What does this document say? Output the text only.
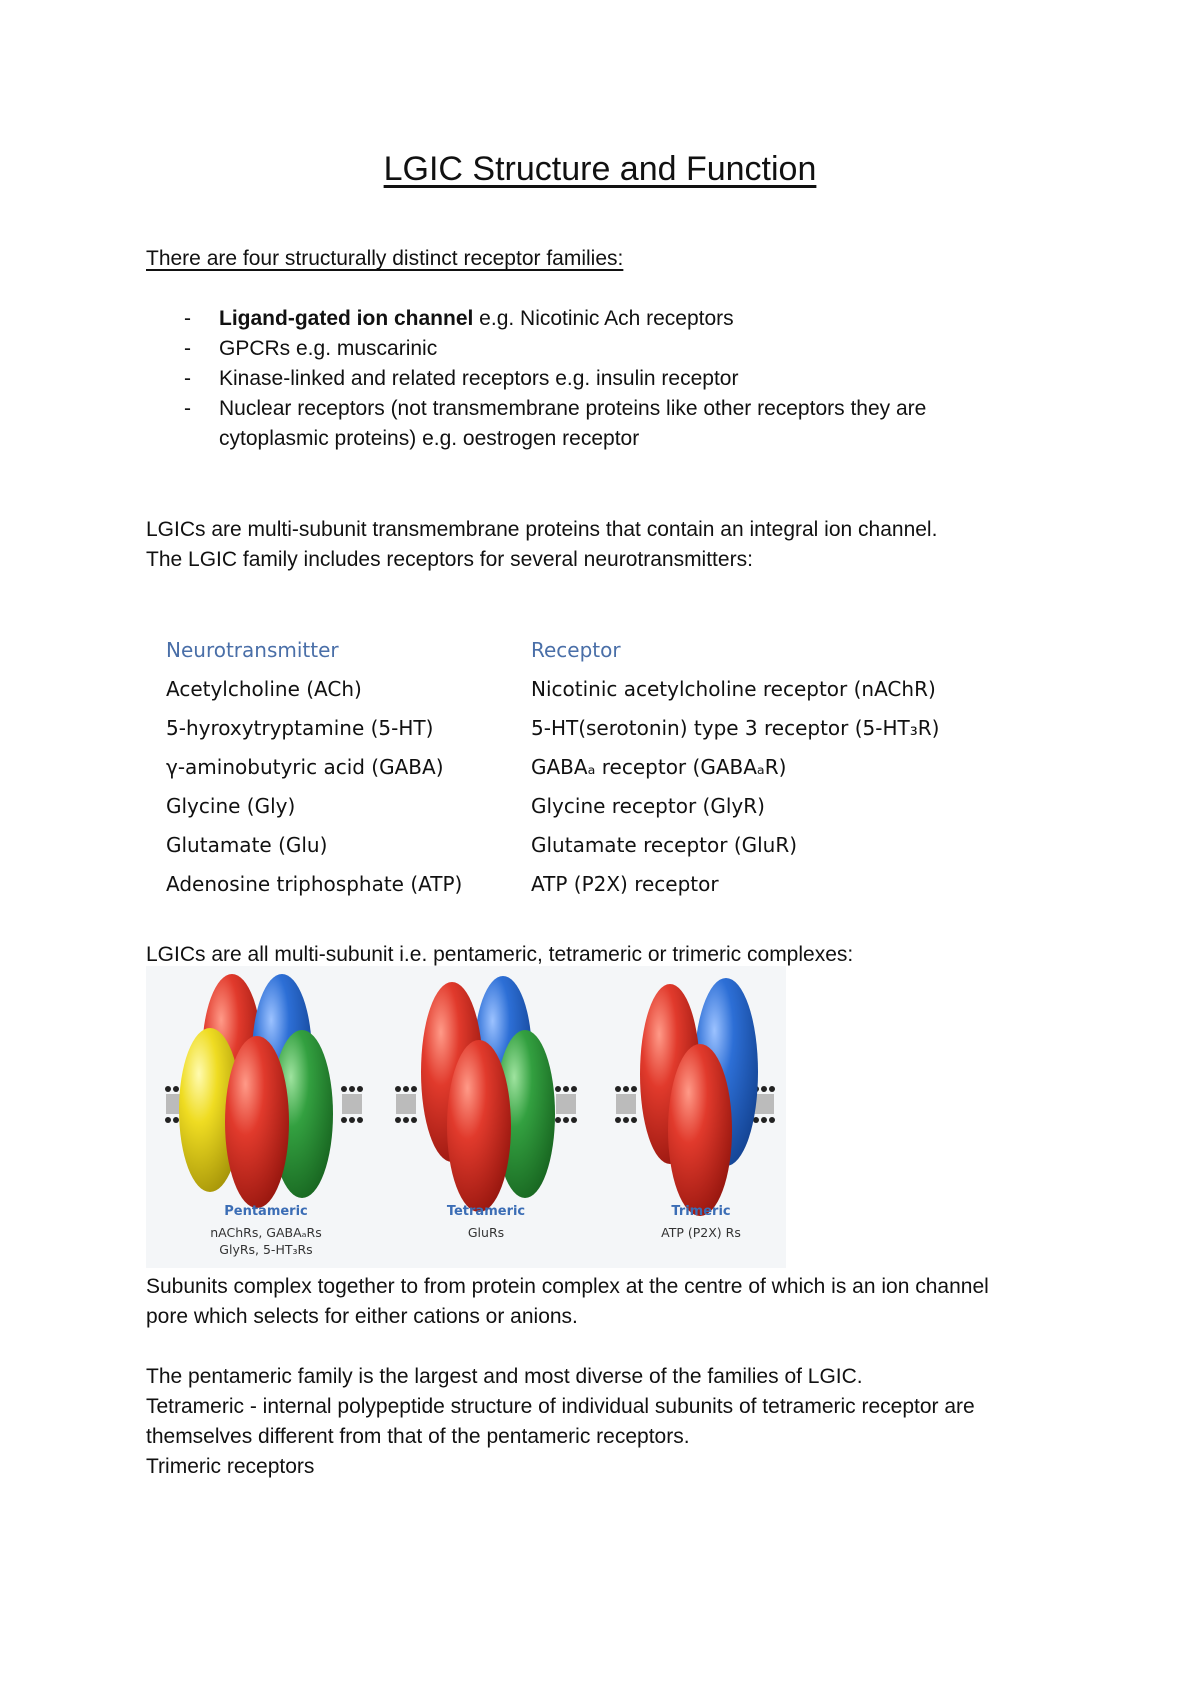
LGIC Structure and Function
There are four structurally distinct receptor families:
- Ligand-gated ion channel e.g. Nicotinic Ach receptors
- GPCRs e.g. muscarinic
- Kinase-linked and related receptors e.g. insulin receptor
- Nuclear receptors (not transmembrane proteins like other receptors they are
cytoplasmic proteins) e.g. oestrogen receptor
LGICs are multi-subunit transmembrane proteins that contain an integral ion channel.
The LGIC family includes receptors for several neurotransmitters:
Neurotransmitter	Receptor
Acetylcholine (ACh)	Nicotinic acetylcholine receptor (nAChR)
5-hyroxytryptamine (5-HT)	5-HT(serotonin) type 3 receptor (5-HT₃R)
γ-aminobutyric acid (GABA)	GABAₐ receptor (GABAₐR)
Glycine (Gly)	Glycine receptor (GlyR)
Glutamate (Glu)	Glutamate receptor (GluR)
Adenosine triphosphate (ATP)	ATP (P2X) receptor
LGICs are all multi-subunit i.e. pentameric, tetrameric or trimeric complexes:
Pentameric
nAChRs, GABAₐRs
GlyRs, 5-HT₃Rs
Tetrameric
GluRs
Trimeric
ATP (P2X) Rs
Subunits complex together to from protein complex at the centre of which is an ion channel
pore which selects for either cations or anions.
The pentameric family is the largest and most diverse of the families of LGIC.
Tetrameric - internal polypeptide structure of individual subunits of tetrameric receptor are
themselves different from that of the pentameric receptors.
Trimeric receptors
